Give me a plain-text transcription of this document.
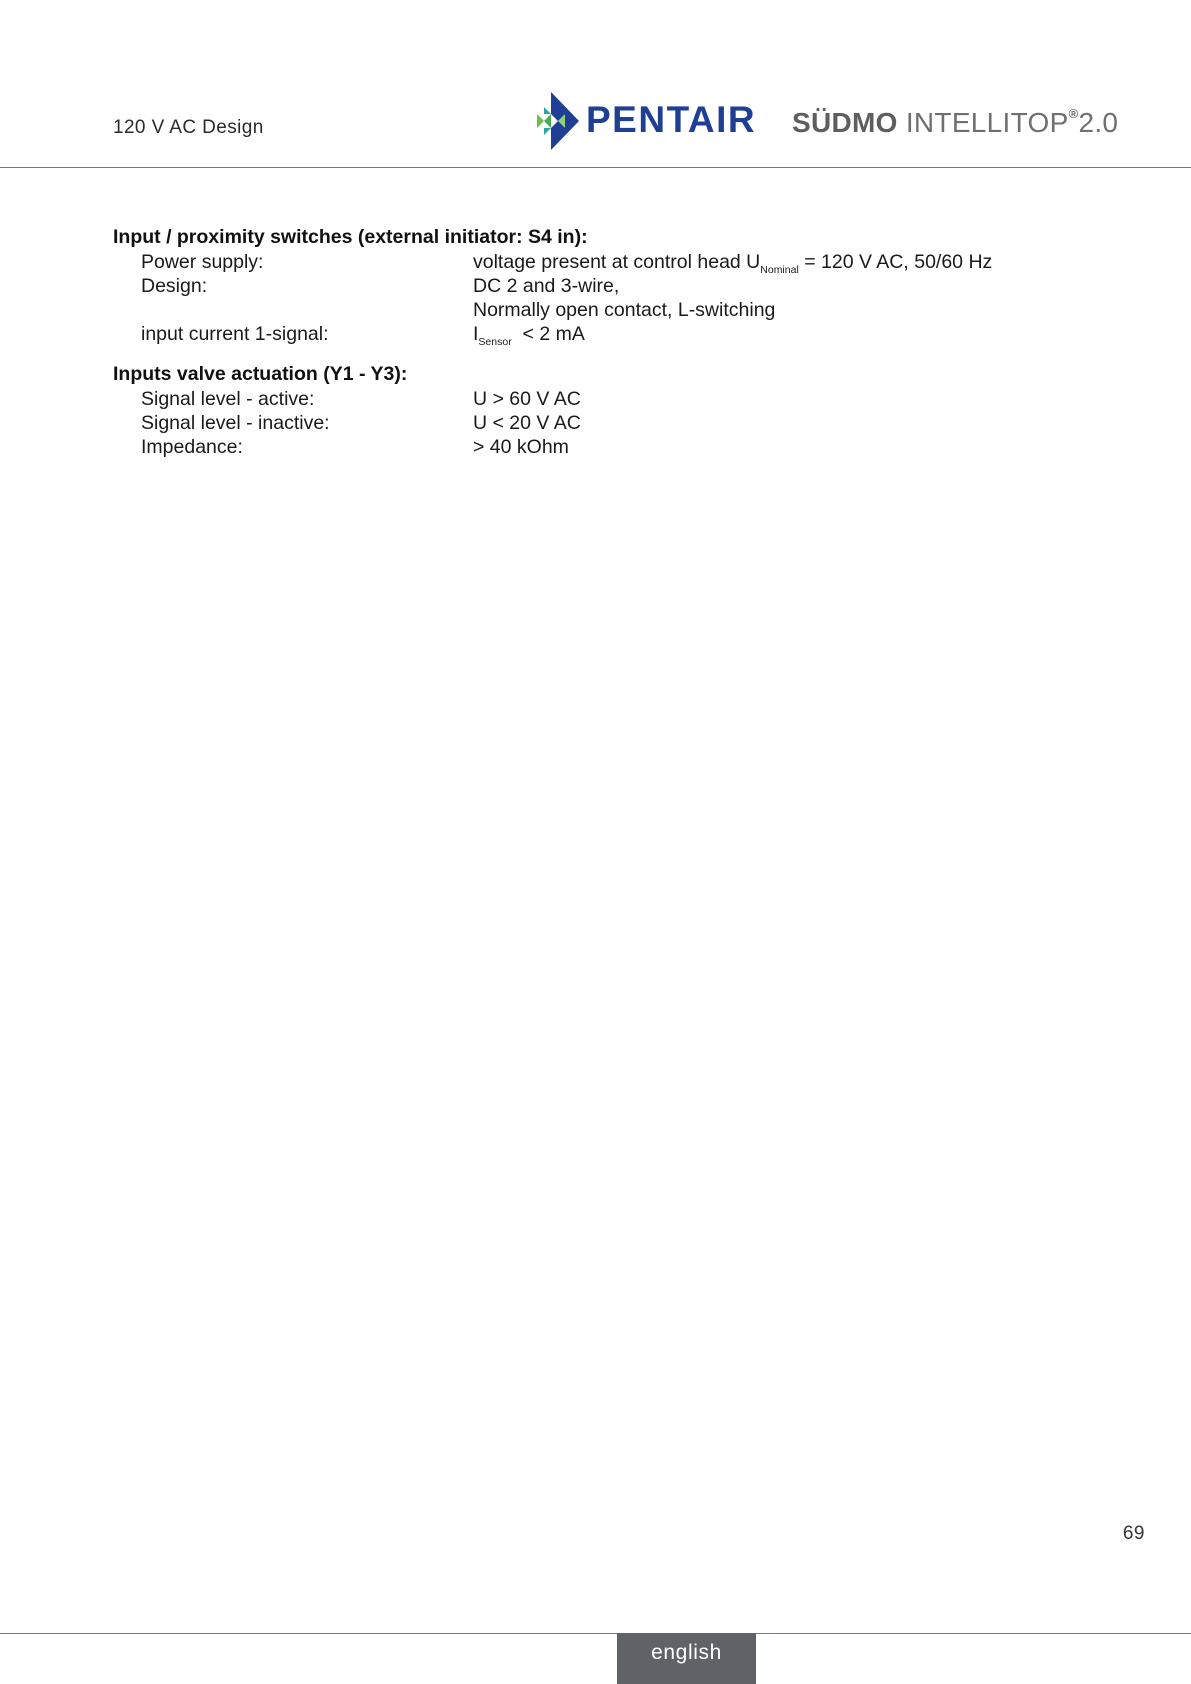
120 V AC Design	PENTAIR SÜDMO INTELLITOP®2.0
Input / proximity switches (external initiator: S4 in):
Power supply:	voltage present at control head $U_{Nominal} = 120$ V AC, 50/60 Hz
Design:	DC 2 and 3-wire,
Normally open contact, L-switching
input current 1-signal:	$I_{Sensor} < 2$ mA
Inputs valve actuation (Y1 - Y3):
Signal level - active:	U > 60 V AC
Signal level - inactive:	U < 20 V AC
Impedance:	> 40 kOhm
69
english
